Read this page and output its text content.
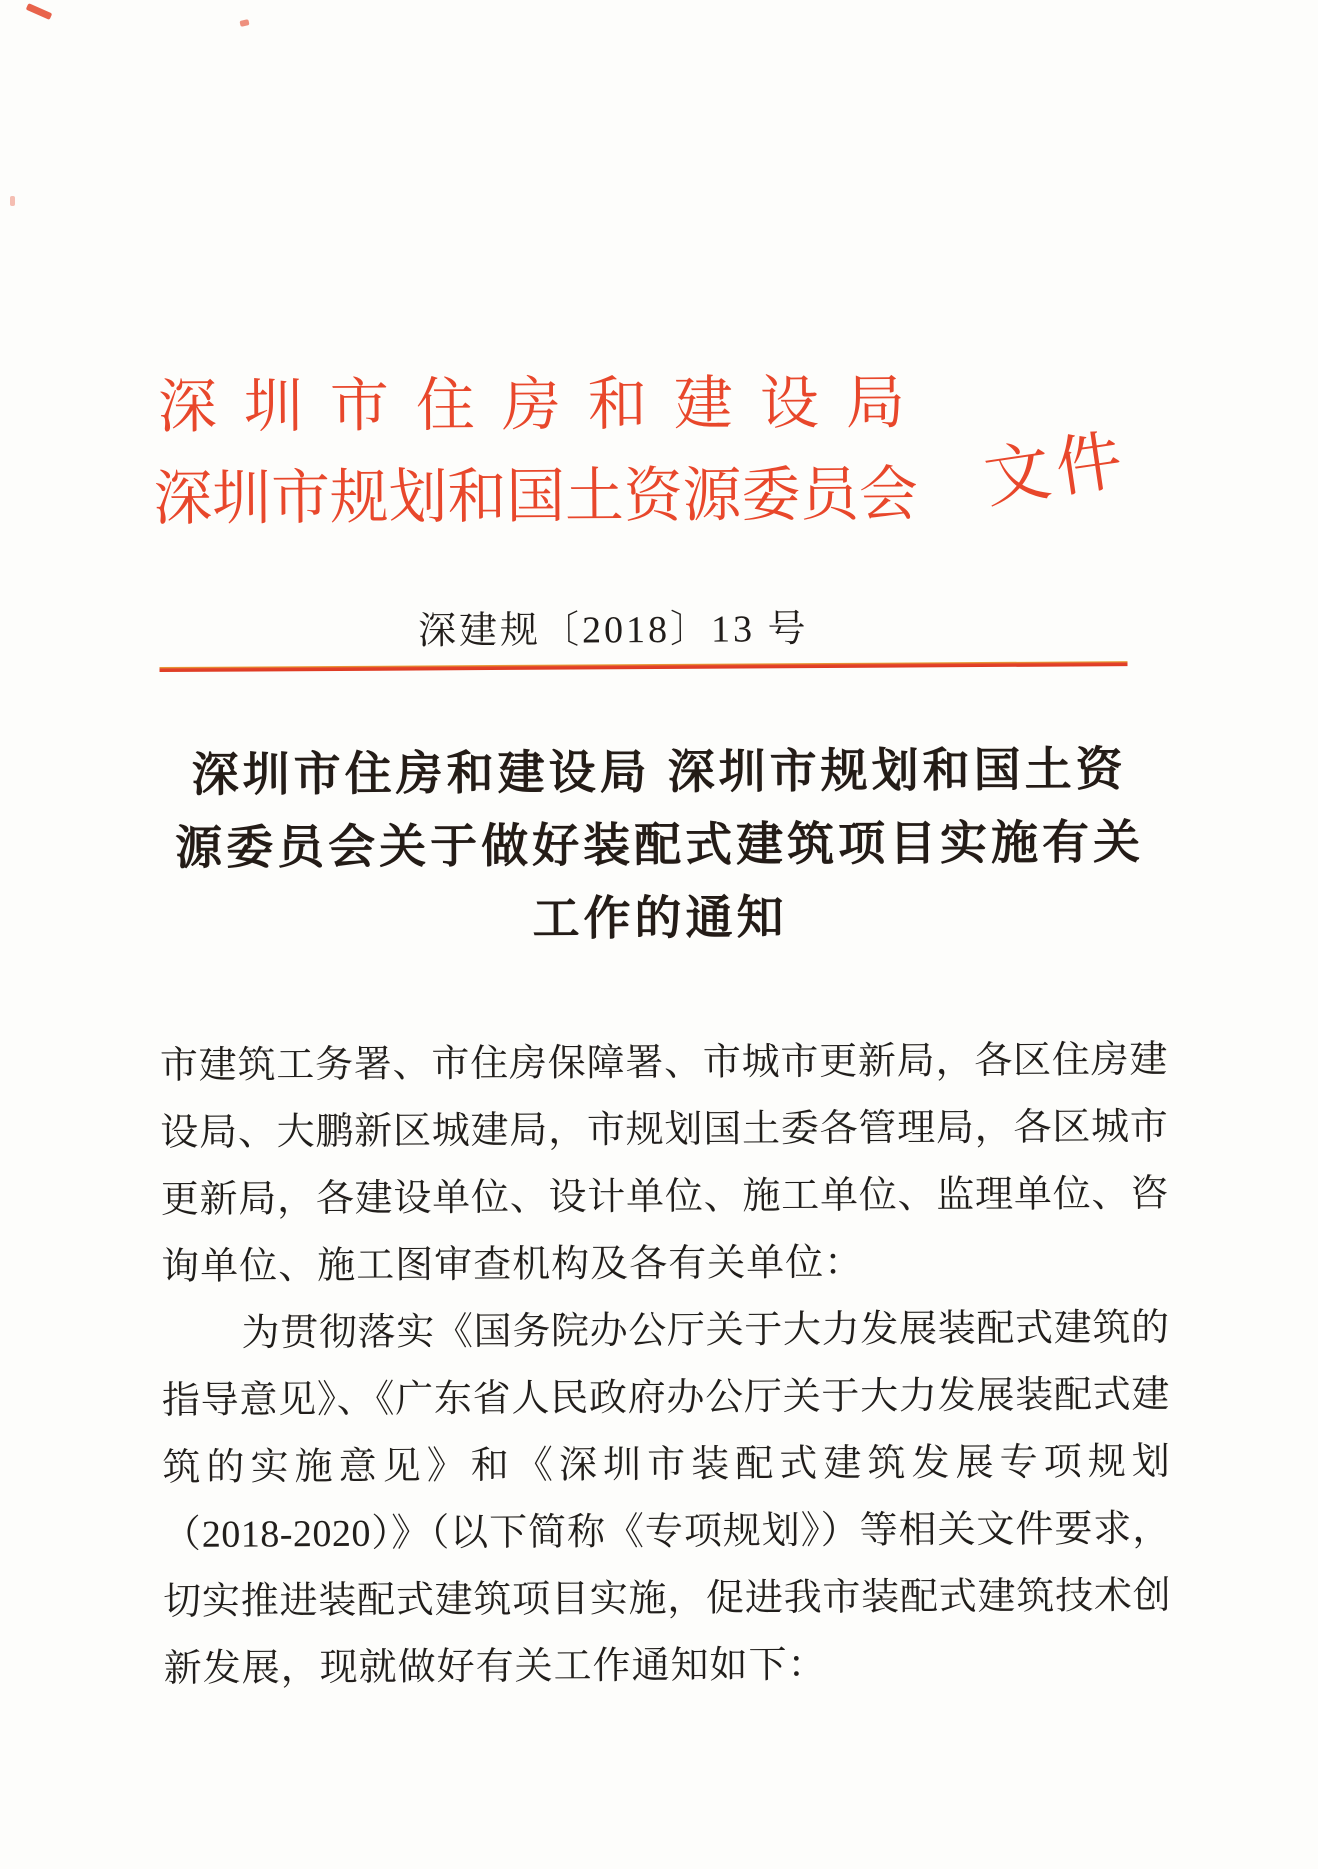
深圳市住房和建设局
深圳市规划和国土资源委员会 文件
深建规〔2018〕13 号
深圳市住房和建设局 深圳市规划和国土资
源委员会关于做好装配式建筑项目实施有关
工作的通知
市建筑工务署、市住房保障署、市城市更新局，各区住房建
设局、大鹏新区城建局，市规划国土委各管理局，各区城市
更新局，各建设单位、设计单位、施工单位、监理单位、咨
询单位、施工图审查机构及各有关单位：
为贯彻落实《国务院办公厅关于大力发展装配式建筑的
指导意见》、《广东省人民政府办公厅关于大力发展装配式建
筑的实施意见》和《深圳市装配式建筑发展专项规划
（2018-2020）》（以下简称《专项规划》）等相关文件要求，
切实推进装配式建筑项目实施，促进我市装配式建筑技术创
新发展，现就做好有关工作通知如下：
